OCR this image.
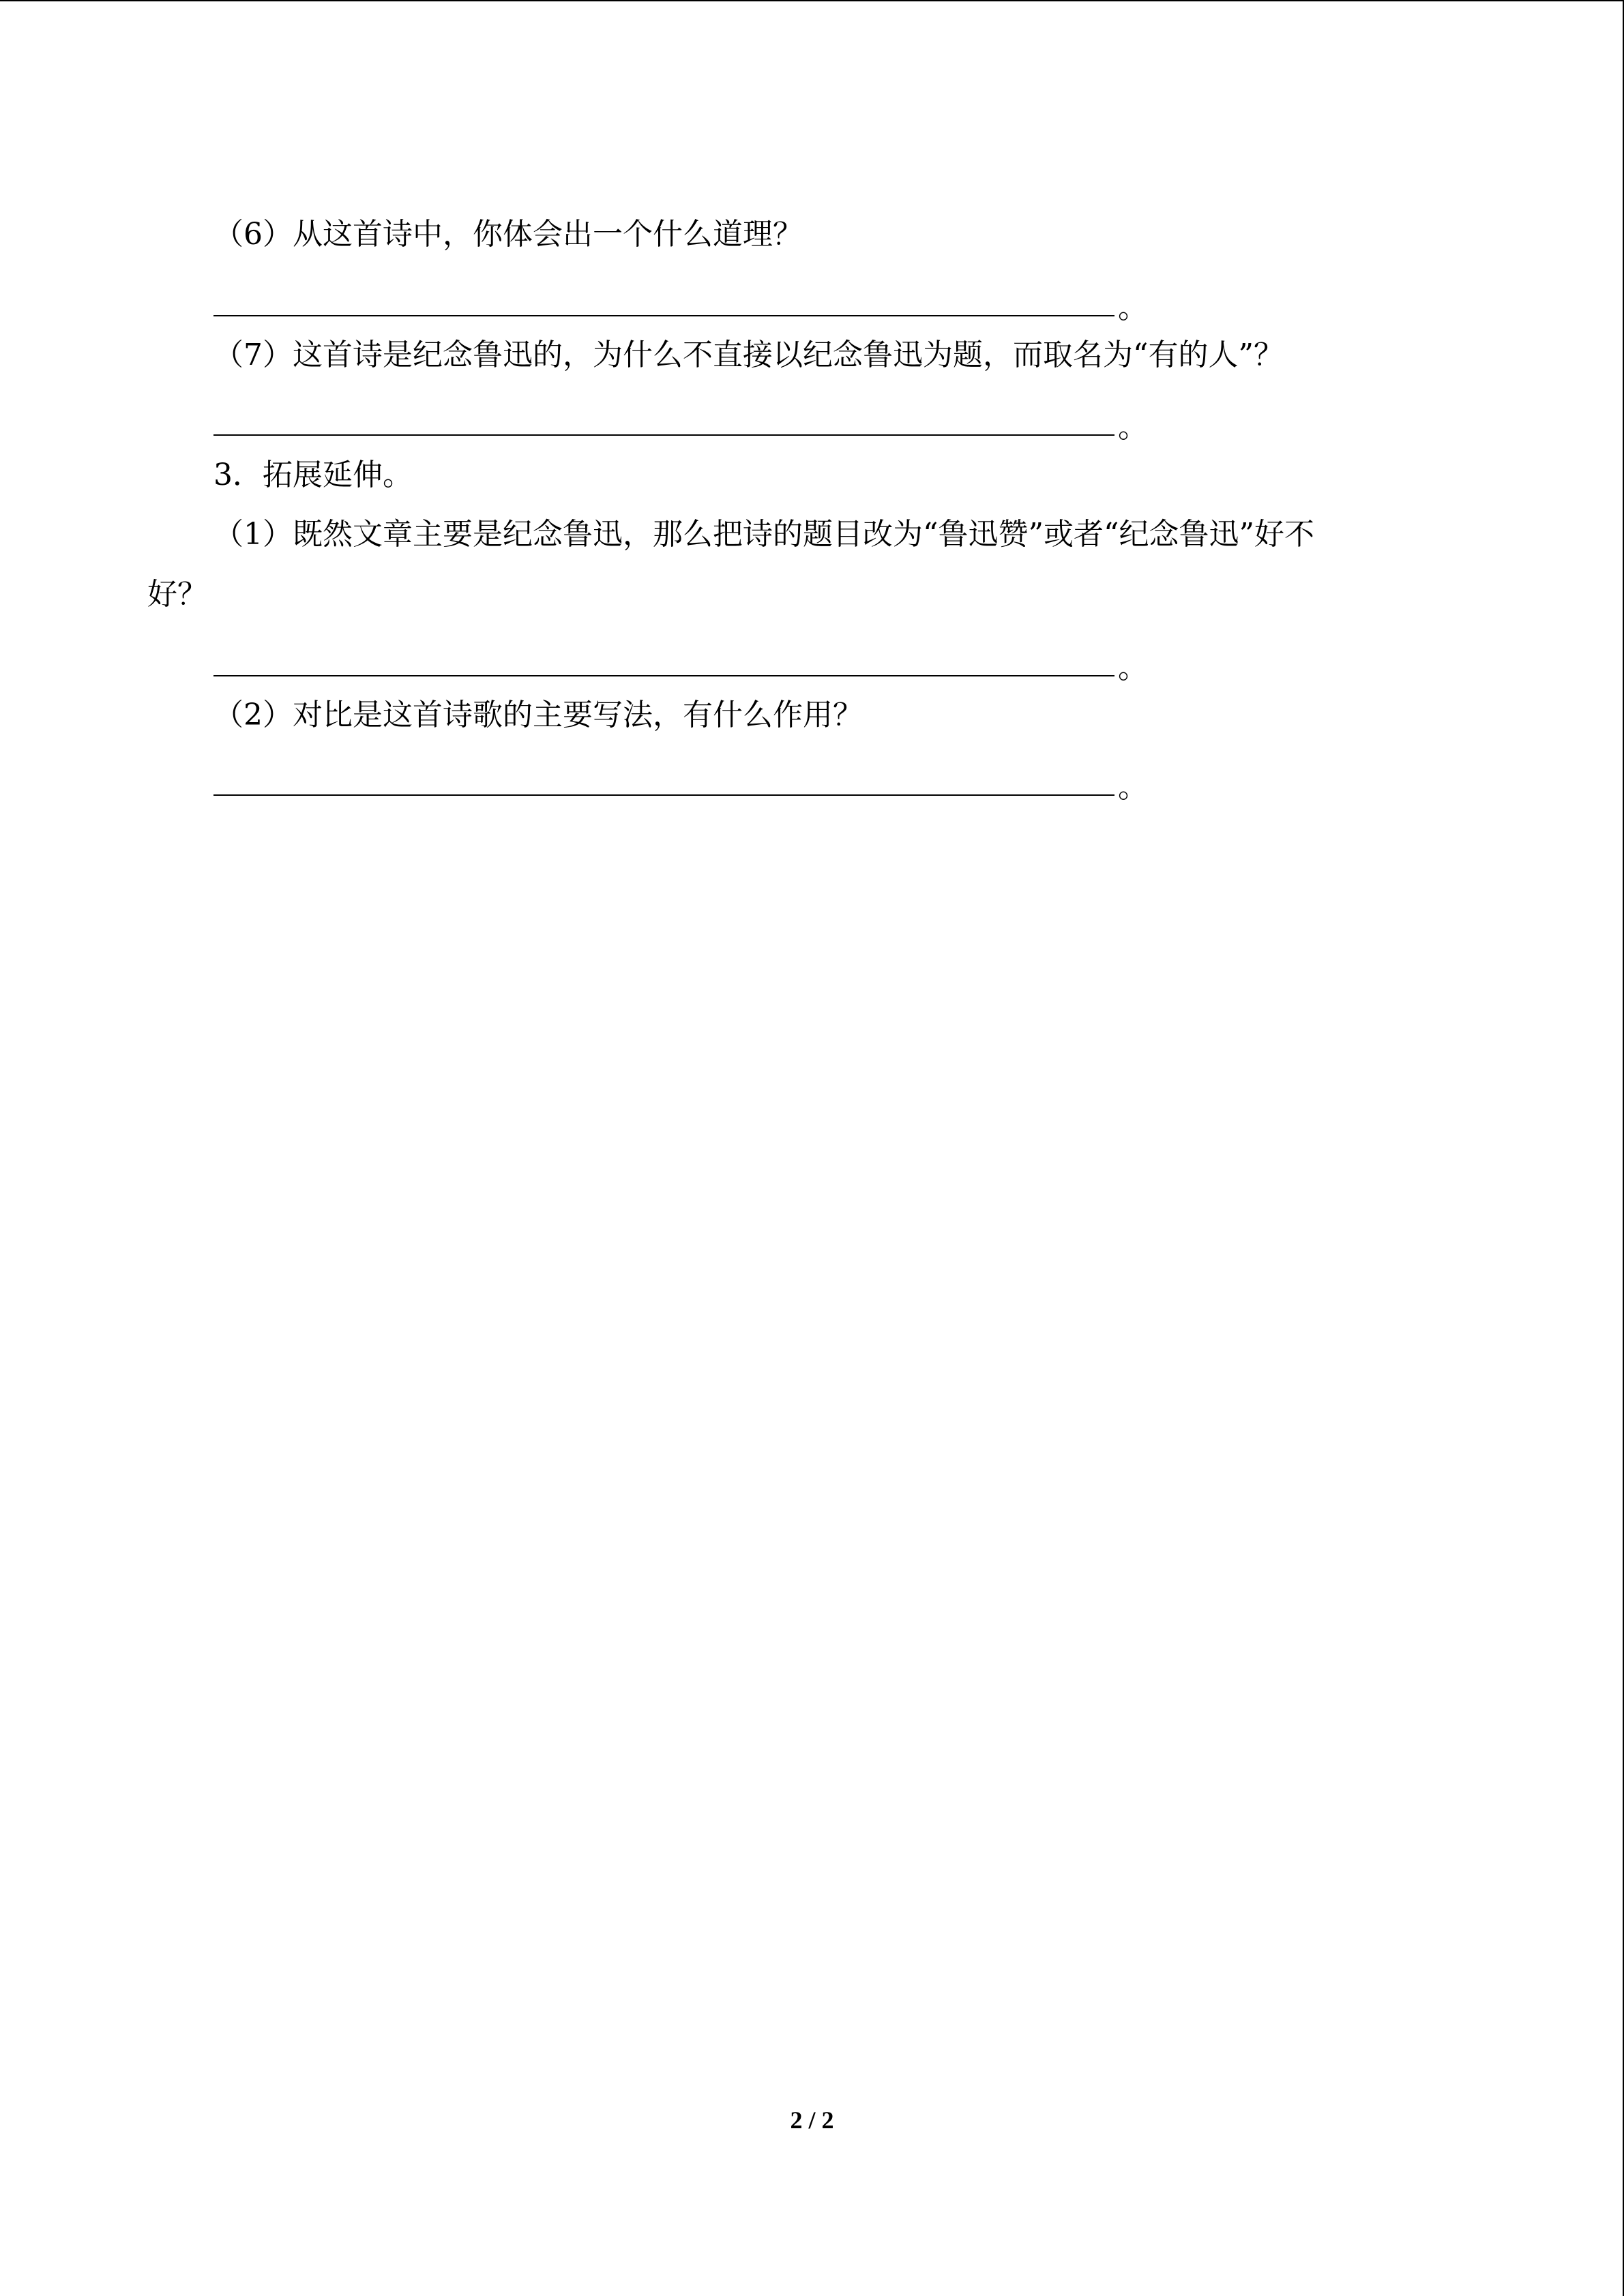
（6）从这首诗中，你体会出一个什么道理？
。
（7）这首诗是纪念鲁迅的，为什么不直接以纪念鲁迅为题，而取名为“有的人”？
。
3．拓展延伸。
（1）既然文章主要是纪念鲁迅，那么把诗的题目改为“鲁迅赞”或者“纪念鲁迅”好不
好？
。
（2）对比是这首诗歌的主要写法，有什么作用？
。
2 / 2
